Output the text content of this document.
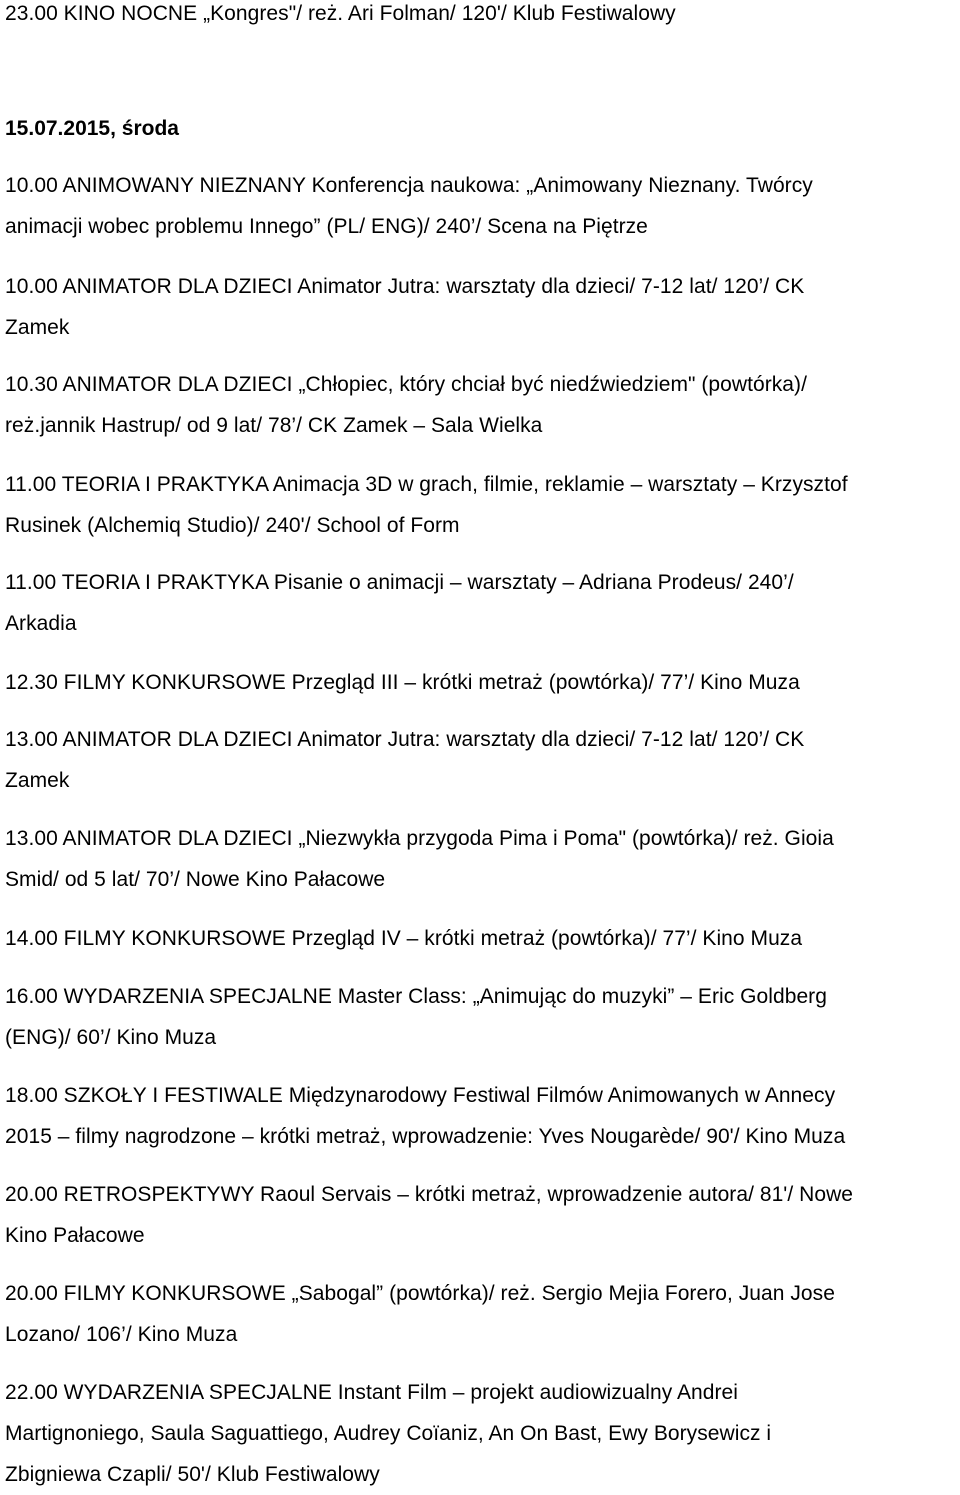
23.00 KINO NOCNE „Kongres"/ reż. Ari Folman/ 120'/ Klub Festiwalowy

15.07.2015, środa

10.00 ANIMOWANY NIEZNANY Konferencja naukowa: „Animowany Nieznany. Twórcy
animacji wobec problemu Innego” (PL/ ENG)/ 240’/ Scena na Piętrze

10.00 ANIMATOR DLA DZIECI Animator Jutra: warsztaty dla dzieci/ 7-12 lat/ 120’/ CK
Zamek

10.30 ANIMATOR DLA DZIECI „Chłopiec, który chciał być niedźwiedziem" (powtórka)/
reż.jannik Hastrup/ od 9 lat/ 78’/ CK Zamek – Sala Wielka

11.00 TEORIA I PRAKTYKA Animacja 3D w grach, filmie, reklamie – warsztaty – Krzysztof
Rusinek (Alchemiq Studio)/ 240'/ School of Form

11.00 TEORIA I PRAKTYKA Pisanie o animacji – warsztaty – Adriana Prodeus/ 240’/
Arkadia

12.30 FILMY KONKURSOWE Przegląd III – krótki metraż (powtórka)/ 77’/ Kino Muza

13.00 ANIMATOR DLA DZIECI Animator Jutra: warsztaty dla dzieci/ 7-12 lat/ 120’/ CK
Zamek

13.00 ANIMATOR DLA DZIECI „Niezwykła przygoda Pima i Poma" (powtórka)/ reż. Gioia
Smid/ od 5 lat/ 70’/ Nowe Kino Pałacowe

14.00 FILMY KONKURSOWE Przegląd IV – krótki metraż (powtórka)/ 77’/ Kino Muza

16.00 WYDARZENIA SPECJALNE Master Class: „Animując do muzyki” – Eric Goldberg
(ENG)/ 60’/ Kino Muza

18.00 SZKOŁY I FESTIWALE Międzynarodowy Festiwal Filmów Animowanych w Annecy
2015 – filmy nagrodzone – krótki metraż, wprowadzenie: Yves Nougarède/ 90'/ Kino Muza

20.00 RETROSPEKTYWY Raoul Servais – krótki metraż, wprowadzenie autora/ 81'/ Nowe
Kino Pałacowe

20.00 FILMY KONKURSOWE „Sabogal” (powtórka)/ reż. Sergio Mejia Forero, Juan Jose
Lozano/ 106’/ Kino Muza

22.00 WYDARZENIA SPECJALNE Instant Film – projekt audiowizualny Andrei
Martignoniego, Saula Saguattiego, Audrey Coïaniz, An On Bast, Ewy Borysewicz i
Zbigniewa Czapli/ 50'/ Klub Festiwalowy
